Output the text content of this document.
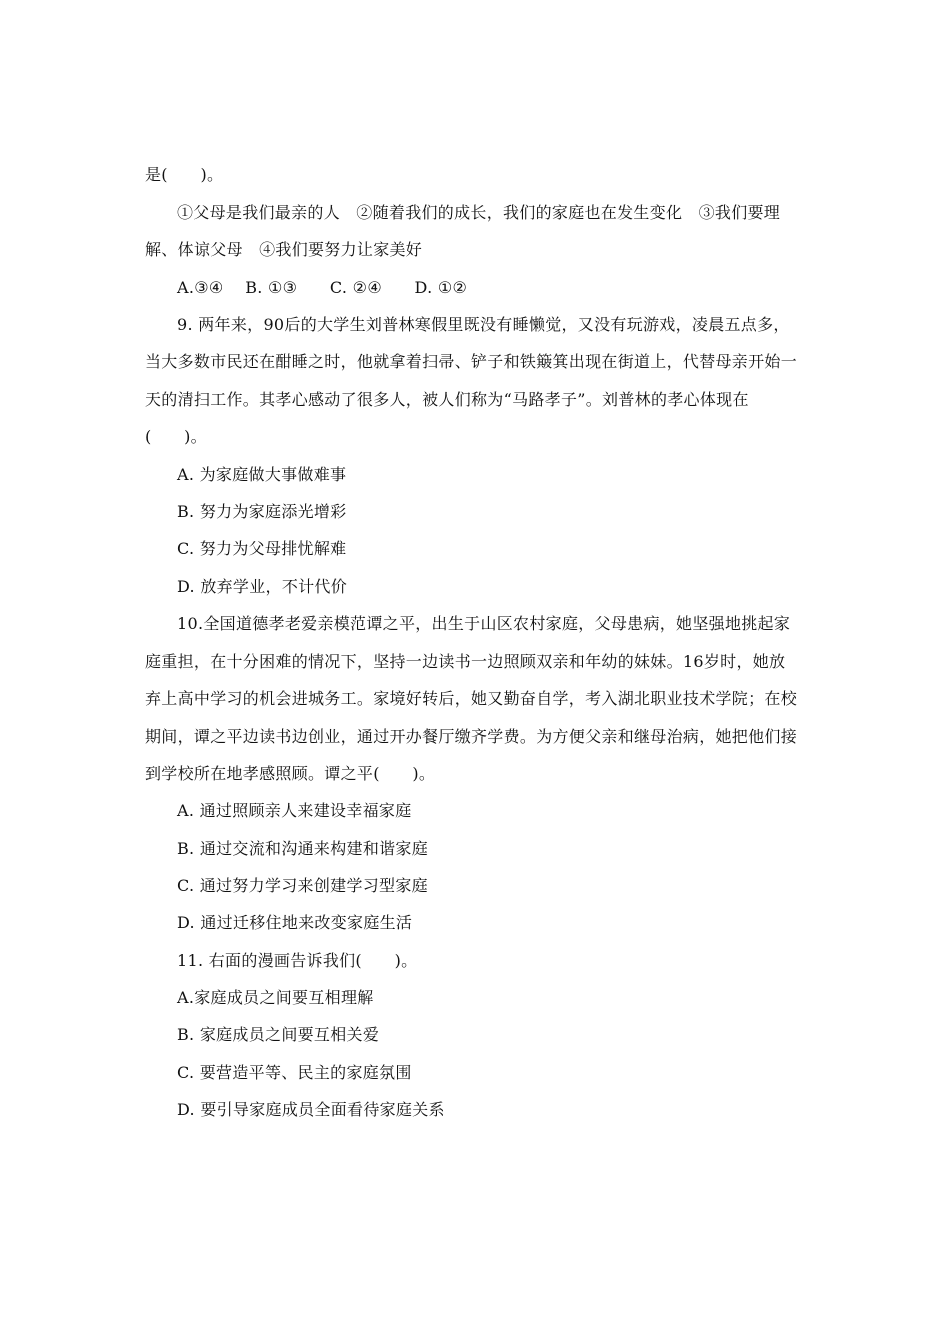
是(　　)。
①父母是我们最亲的人　②随着我们的成长，我们的家庭也在发生变化　③我们要理
解、体谅父母　④我们要努力让家美好
A.③④　 B. ①③　　C. ②④　　D. ①②
9. 两年来，90后的大学生刘普林寒假里既没有睡懒觉，又没有玩游戏，凌晨五点多，
当大多数市民还在酣睡之时，他就拿着扫帚、铲子和铁簸箕出现在街道上，代替母亲开始一
天的清扫工作。其孝心感动了很多人，被人们称为“马路孝子”。刘普林的孝心体现在
(　　)。
A. 为家庭做大事做难事
B. 努力为家庭添光增彩
C. 努力为父母排忧解难
D. 放弃学业，不计代价
10.全国道德孝老爱亲模范谭之平，出生于山区农村家庭，父母患病，她坚强地挑起家
庭重担，在十分困难的情况下，坚持一边读书一边照顾双亲和年幼的妹妹。16岁时，她放
弃上高中学习的机会进城务工。家境好转后，她又勤奋自学，考入湖北职业技术学院；在校
期间，谭之平边读书边创业，通过开办餐厅缴齐学费。为方便父亲和继母治病，她把他们接
到学校所在地孝感照顾。谭之平(　　)。
A. 通过照顾亲人来建设幸福家庭
B. 通过交流和沟通来构建和谐家庭
C. 通过努力学习来创建学习型家庭
D. 通过迁移住地来改变家庭生活
11. 右面的漫画告诉我们(　　)。
A.家庭成员之间要互相理解
B. 家庭成员之间要互相关爱
C. 要营造平等、民主的家庭氛围
D. 要引导家庭成员全面看待家庭关系
